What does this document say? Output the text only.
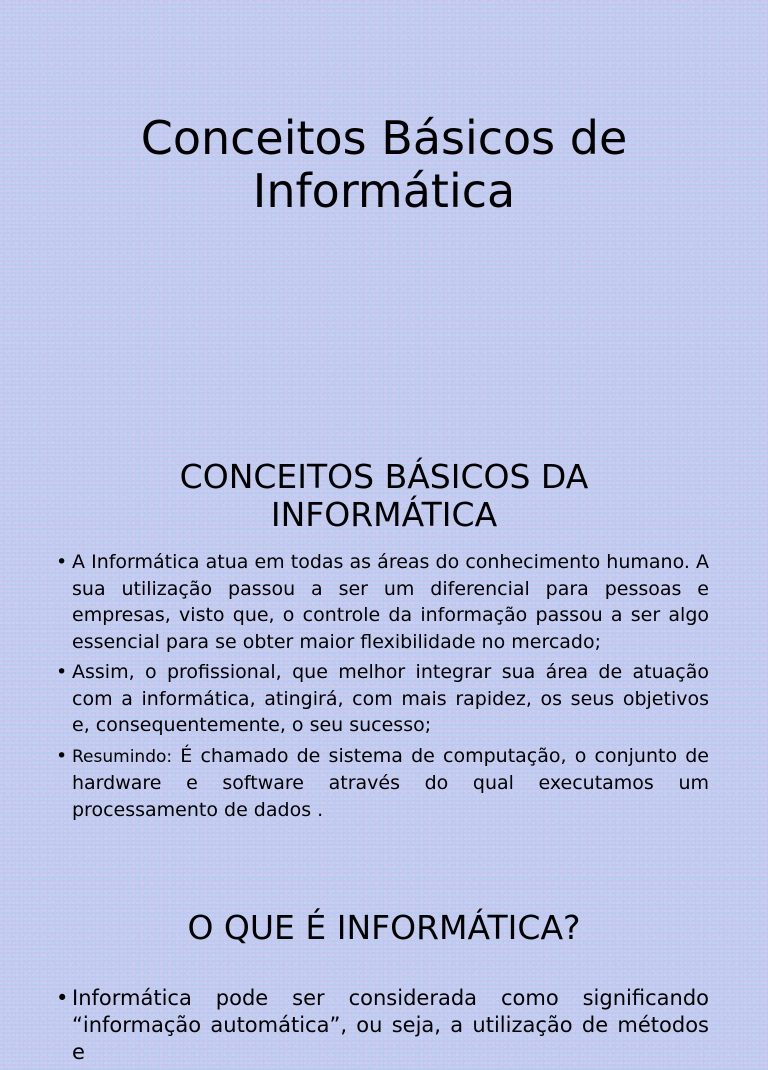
Conceitos Básicos de
Informática
CONCEITOS BÁSICOS DA
INFORMÁTICA
• A Informática atua em todas as áreas do conhecimento humano. A sua utilização passou a ser um diferencial para pessoas e empresas, visto que, o controle da informação passou a ser algo essencial para se obter maior flexibilidade no mercado;
• Assim, o profissional, que melhor integrar sua área de atuação com a informática, atingirá, com mais rapidez, os seus objetivos e, consequentemente, o seu sucesso;
• Resumindo: É chamado de sistema de computação, o conjunto de hardware e software através do qual executamos um processamento de dados .
O QUE É INFORMÁTICA?
• Informática pode ser considerada como significando “informação automática”, ou seja, a utilização de métodos e
